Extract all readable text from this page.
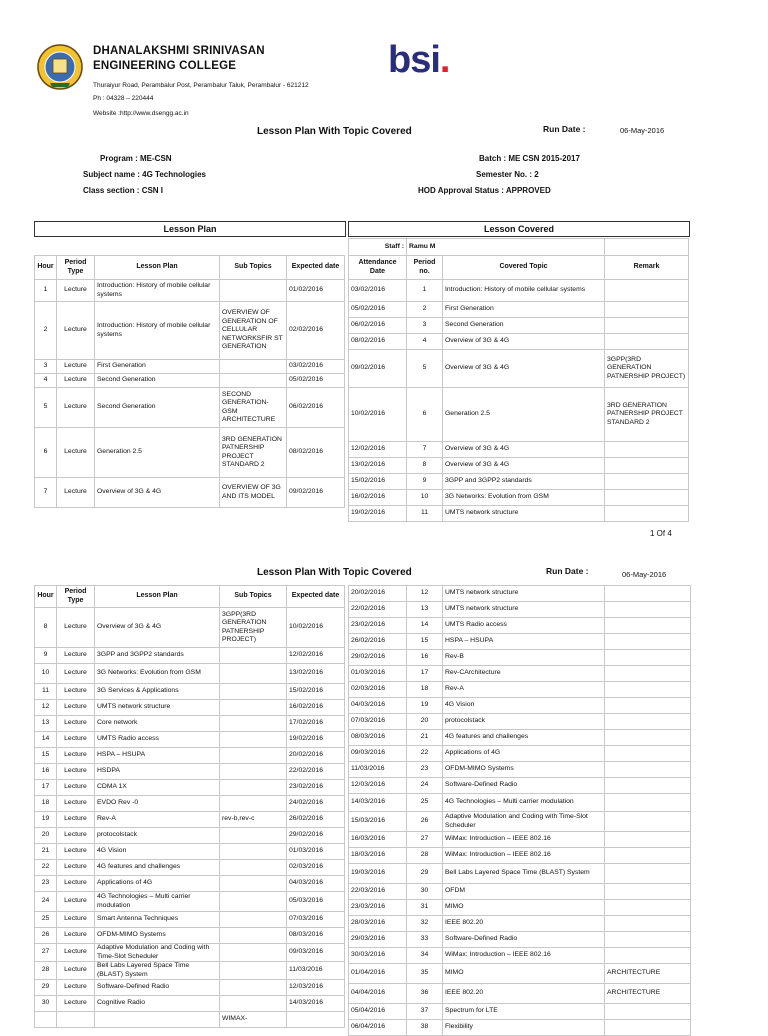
DHANALAKSHMI SRINIVASAN ENGINEERING COLLEGE
Thuraiyur Road, Perambalur Post, Perambalur Taluk, Perambalur - 621212
Ph : 04328 – 220444
Website :http://www.dsengg.ac.in
bsi.
Lesson Plan With Topic Covered	Run Date :	06-May-2016
Program : ME-CSN
Subject name : 4G Technologies
Class section : CSN I
Batch : ME CSN 2015-2017
Semester No. : 2
HOD Approval Status : APPROVED
Lesson Plan	Lesson Covered
Hour	Period Type	Lesson Plan	Sub Topics	Expected date
1	Lecture	Introduction: History of mobile cellular systems		01/02/2016
2	Lecture	Introduction: History of mobile cellular systems	OVERVIEW OF GENERATION OF CELLULAR NETWORKSFIR ST GENERATION	02/02/2016
3	Lecture	First Generation		03/02/2016
4	Lecture	Second Generation		05/02/2016
5	Lecture	Second Generation	SECOND GENERATION-GSM ARCHITECTURE	06/02/2016
6	Lecture	Generation 2.5	3RD GENERATION PATNERSHIP PROJECT STANDARD 2	08/02/2016
7	Lecture	Overview of 3G & 4G	OVERVIEW OF 3G AND ITS MODEL	09/02/2016
Staff :	Ramu M		
Attendance Date	Period no.	Covered Topic	Remark
03/02/2016	1	Introduction: History of mobile cellular systems	
05/02/2016	2	First Generation	
06/02/2016	3	Second Generation	
08/02/2016	4	Overview of 3G & 4G	
09/02/2016	5	Overview of 3G & 4G	3GPP(3RD GENERATION PATNERSHIP PROJECT)
10/02/2016	6	Generation 2.5	3RD GENERATION PATNERSHIP PROJECT STANDARD 2
12/02/2016	7	Overview of 3G & 4G	
13/02/2016	8	Overview of 3G & 4G	
15/02/2016	9	3GPP and 3GPP2 standards	
16/02/2016	10	3G Networks: Evolution from GSM	
19/02/2016	11	UMTS network structure	
1 Of 4
Lesson Plan With Topic Covered	Run Date :	06-May-2016
Hour	Period Type	Lesson Plan	Sub Topics	Expected date
8	Lecture	Overview of 3G & 4G	3GPP(3RD GENERATION PATNERSHIP PROJECT)	10/02/2016
9	Lecture	3GPP and 3GPP2 standards		12/02/2016
10	Lecture	3G Networks: Evolution from GSM		13/02/2016
11	Lecture	3G Services & Applications		15/02/2016
12	Lecture	UMTS network structure		16/02/2016
13	Lecture	Core network		17/02/2016
14	Lecture	UMTS Radio access		19/02/2016
15	Lecture	HSPA – HSUPA		20/02/2016
16	Lecture	HSDPA		22/02/2016
17	Lecture	CDMA 1X		23/02/2016
18	Lecture	EVDO Rev -0		24/02/2016
19	Lecture	Rev-A	rev-b,rev-c	26/02/2016
20	Lecture	protocolstack		29/02/2016
21	Lecture	4G Vision		01/03/2016
22	Lecture	4G features and challenges		02/03/2016
23	Lecture	Applications of 4G		04/03/2016
24	Lecture	4G Technologies – Multi carrier modulation		05/03/2016
25	Lecture	Smart Antenna Techniques		07/03/2016
26	Lecture	OFDM-MIMO Systems		08/03/2016
27	Lecture	Adaptive Modulation and Coding with Time-Slot Scheduler		09/03/2016
28	Lecture	Bell Labs Layered Space Time (BLAST) System		11/03/2016
29	Lecture	Software-Defined Radio		12/03/2016
30	Lecture	Cognitive Radio		14/03/2016
			WIMAX-	
20/02/2016	12	UMTS network structure	
22/02/2016	13	UMTS network structure	
23/02/2016	14	UMTS Radio access	
26/02/2016	15	HSPA – HSUPA	
29/02/2016	16	Rev-B	
01/03/2016	17	Rev-CArchitecture	
02/03/2016	18	Rev-A	
04/03/2016	19	4G Vision	
07/03/2016	20	protocolstack	
08/03/2016	21	4G features and challenges	
09/03/2016	22	Applications of 4G	
11/03/2016	23	OFDM-MIMO Systems	
12/03/2016	24	Software-Defined Radio	
14/03/2016	25	4G Technologies – Multi carrier modulation	
15/03/2016	26	Adaptive Modulation and Coding with Time-Slot Scheduler	
16/03/2016	27	WiMax: Introduction – IEEE 802.16	
18/03/2016	28	WiMax: Introduction – IEEE 802.16	
19/03/2016	29	Bell Labs Layered Space Time (BLAST) System	
22/03/2016	30	OFDM	
23/03/2016	31	MIMO	
28/03/2016	32	IEEE 802.20	
29/03/2016	33	Software-Defined Radio	
30/03/2016	34	WiMax: Introduction – IEEE 802.16	
01/04/2016	35	MIMO	ARCHITECTURE
04/04/2016	36	IEEE 802.20	ARCHITECTURE
05/04/2016	37	Spectrum for LTE	
06/04/2016	38	Flexibility	
